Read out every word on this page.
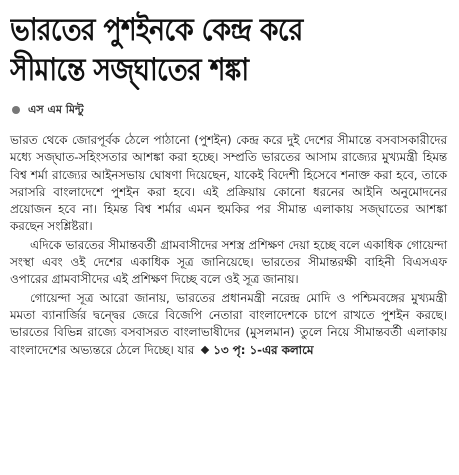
ভারতের পুশইনকে কেন্দ্র করে
সীমান্তে সজ্ঘাতের শঙ্কা
এস এম মিন্টু

ভারত থেকে জোরপূর্বক ঠেলে পাঠানো (পুশইন) কেন্দ্র করে দুই দেশের সীমান্তে বসবাসকারীদের মধ্যে সজ্ঘাত-সহিংসতার আশঙ্কা করা হচ্ছে। সম্প্রতি ভারতের আসাম রাজ্যের মুখ্যমন্ত্রী হিমন্ত বিশ্ব শর্মা রাজ্যের আইনসভায় ঘোষণা দিয়েছেন, যাকেই বিদেশী হিসেবে শনাক্ত করা হবে, তাকে সরাসরি বাংলাদেশে পুশইন করা হবে। এই প্রক্রিয়ায় কোনো ধরনের আইনি অনুমোদনের প্রয়োজন হবে না। হিমন্ত বিশ্ব শর্মার এমন হুমকির পর সীমান্ত এলাকায় সজ্ঘাতের আশঙ্কা করছেন সংশ্লিষ্টরা।

এদিকে ভারতের সীমান্তবর্তী গ্রামবাসীদের সশস্ত্র প্রশিক্ষণ দেয়া হচ্ছে বলে একাধিক গোয়েন্দা সংস্থা এবং ওই দেশের একাধিক সূত্র জানিয়েছে। ভারতের সীমান্তরক্ষী বাহিনী বিএসএফ ওপারের গ্রামবাসীদের এই প্রশিক্ষণ দিচ্ছে বলে ওই সূত্র জানায়।

গোয়েন্দা সূত্র আরো জানায়, ভারতের প্রধানমন্ত্রী নরেন্দ্র মোদি ও পশ্চিমবঙ্গের মুখ্যমন্ত্রী মমতা ব্যানার্জির দ্বন্দ্বের জেরে বিজেপি নেতারা বাংলাদেশকে চাপে রাখতে পুশইন করছে। ভারতের বিভিন্ন রাজ্যে বসবাসরত বাংলাভাষীদের (মুসলমান) তুলে নিয়ে সীমান্তবর্তী এলাকায় বাংলাদেশের অভ্যন্তরে ঠেলে দিচ্ছে। যার ১৩ পৃ: ১-এর কলামে
